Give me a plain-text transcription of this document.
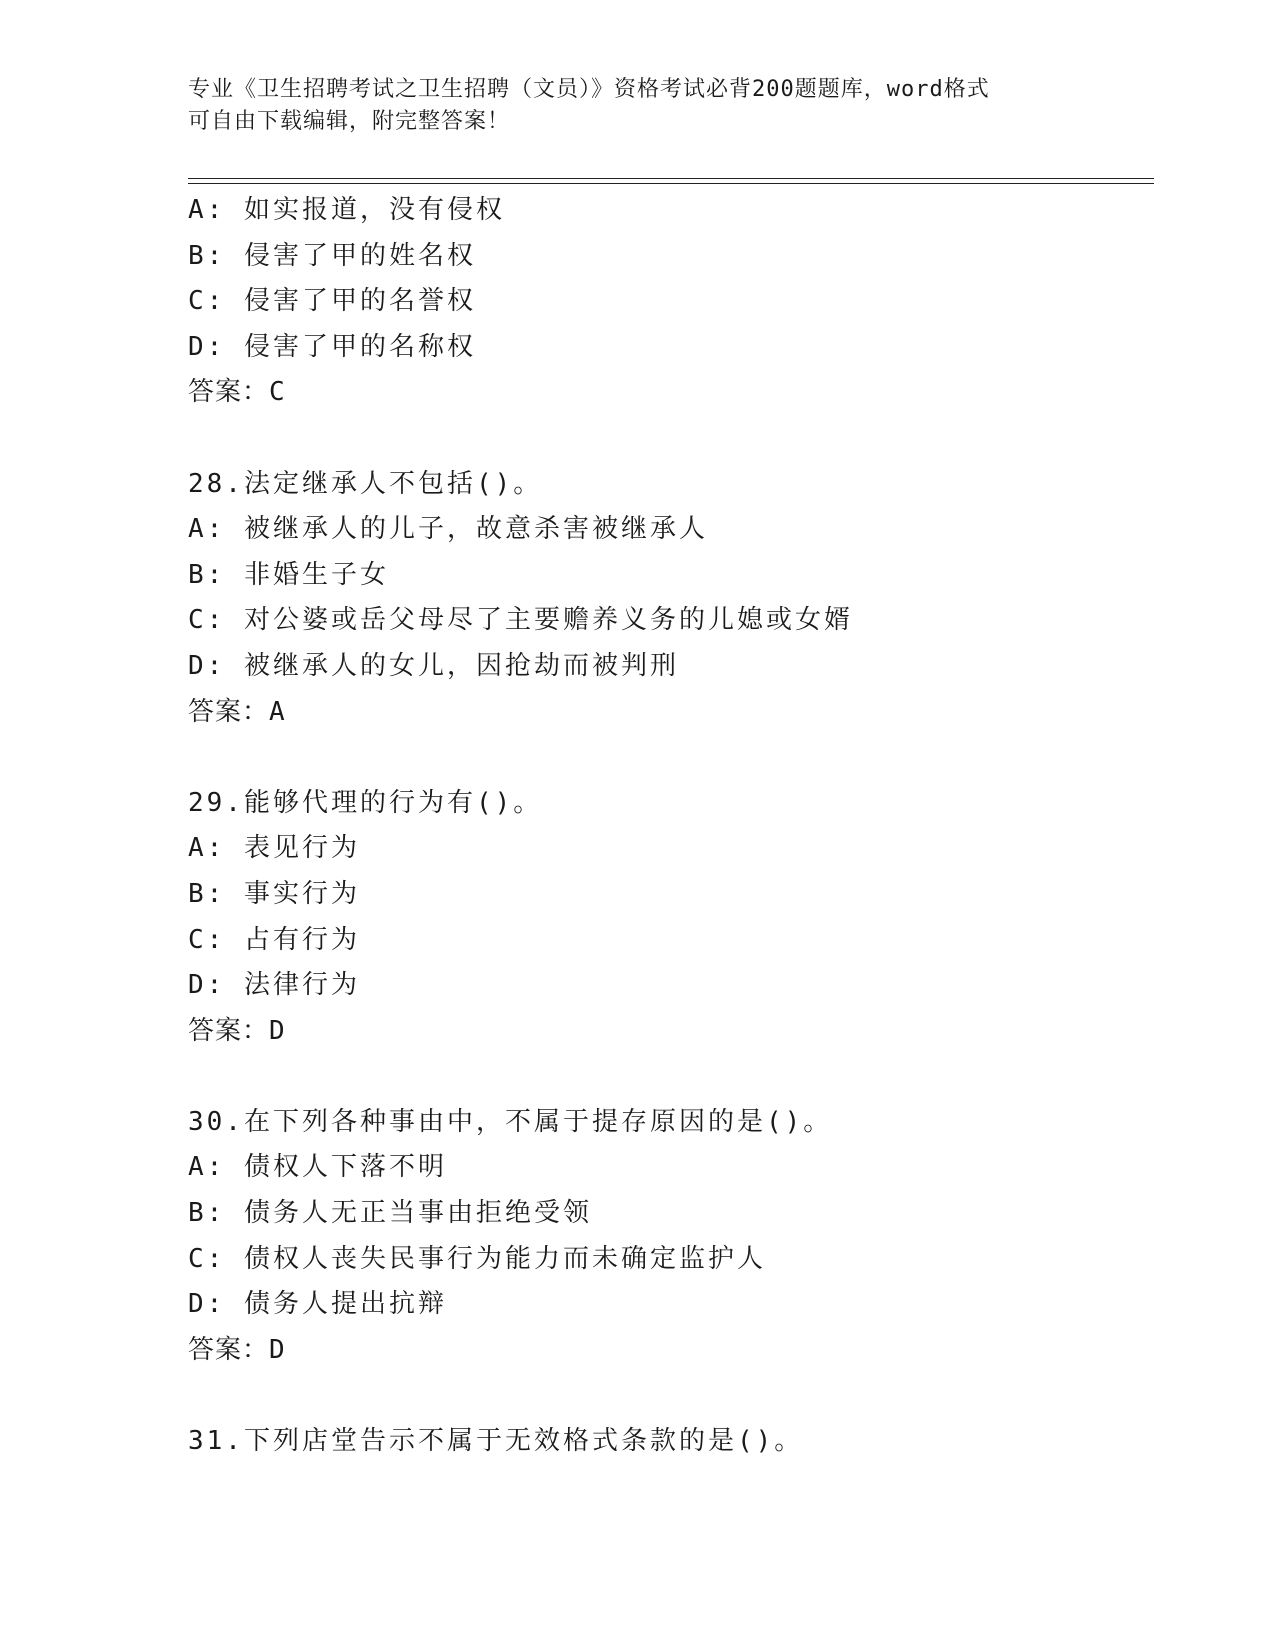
专业《卫生招聘考试之卫生招聘（文员）》资格考试必背200题题库，word格式
可自由下载编辑，附完整答案！
A: 如实报道，没有侵权
B: 侵害了甲的姓名权
C: 侵害了甲的名誉权
D: 侵害了甲的名称权
答案：C
28.法定继承人不包括()。
A: 被继承人的儿子，故意杀害被继承人
B: 非婚生子女
C: 对公婆或岳父母尽了主要赡养义务的儿媳或女婿
D: 被继承人的女儿，因抢劫而被判刑
答案：A
29.能够代理的行为有()。
A: 表见行为
B: 事实行为
C: 占有行为
D: 法律行为
答案：D
30.在下列各种事由中，不属于提存原因的是()。
A: 债权人下落不明
B: 债务人无正当事由拒绝受领
C: 债权人丧失民事行为能力而未确定监护人
D: 债务人提出抗辩
答案：D
31.下列店堂告示不属于无效格式条款的是()。
